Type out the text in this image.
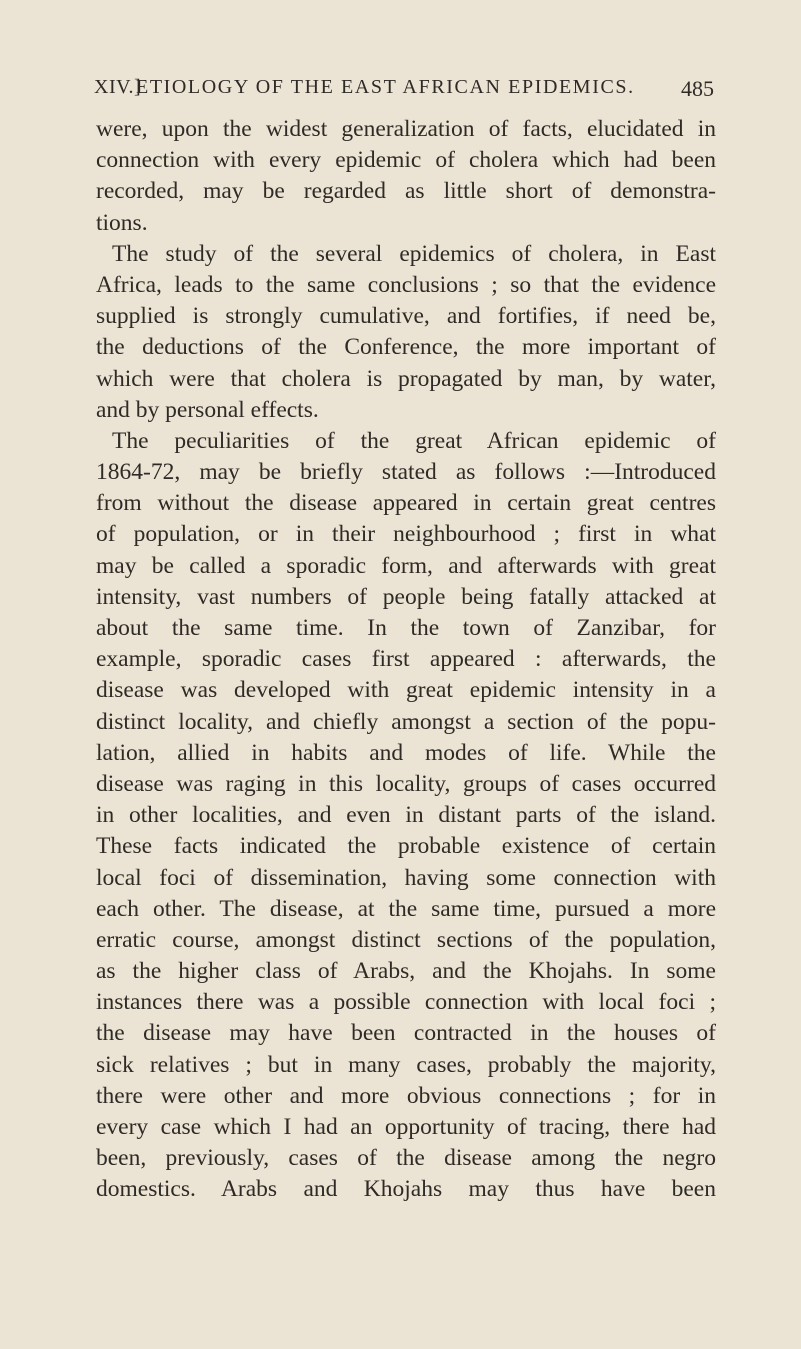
XIV.]
ETIOLOGY OF THE EAST AFRICAN EPIDEMICS. 485
were, upon the widest generalization of facts, elucidated in
connection with every epidemic of cholera which had been
recorded, may be regarded as little short of demonstra-
tions.
The study of the several epidemics of cholera, in East
Africa, leads to the same conclusions ; so that the evidence
supplied is strongly cumulative, and fortifies, if need be,
the deductions of the Conference, the more important of
which were that cholera is propagated by man, by water,
and by personal effects.
The peculiarities of the great African epidemic of
1864-72, may be briefly stated as follows :—Introduced
from without the disease appeared in certain great centres
of population, or in their neighbourhood ; first in what
may be called a sporadic form, and afterwards with great
intensity, vast numbers of people being fatally attacked at
about the same time. In the town of Zanzibar, for
example, sporadic cases first appeared : afterwards, the
disease was developed with great epidemic intensity in a
distinct locality, and chiefly amongst a section of the popu-
lation, allied in habits and modes of life. While the
disease was raging in this locality, groups of cases occurred
in other localities, and even in distant parts of the island.
These facts indicated the probable existence of certain
local foci of dissemination, having some connection with
each other. The disease, at the same time, pursued a more
erratic course, amongst distinct sections of the population,
as the higher class of Arabs, and the Khojahs. In some
instances there was a possible connection with local foci ;
the disease may have been contracted in the houses of
sick relatives ; but in many cases, probably the majority,
there were other and more obvious connections ; for in
every case which I had an opportunity of tracing, there had
been, previously, cases of the disease among the negro
domestics. Arabs and Khojahs may thus have been
